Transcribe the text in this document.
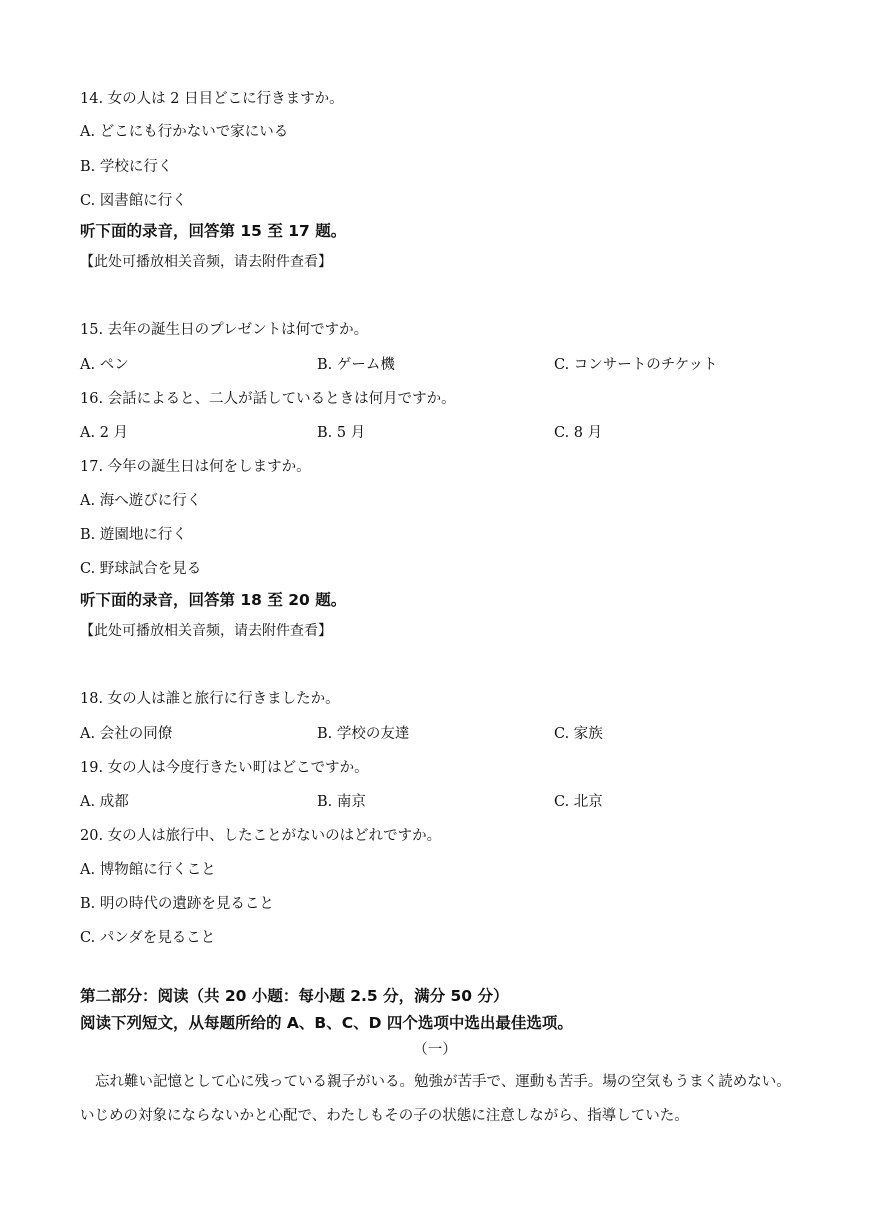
14. 女の人は 2 日目どこに行きますか。
A. どこにも行かないで家にいる
B. 学校に行く
C. 図書館に行く
听下面的录音，回答第 15 至 17 题。
【此处可播放相关音频，请去附件查看】
15. 去年の誕生日のプレゼントは何ですか。
A. ペン	B. ゲーム機	C. コンサートのチケット
16. 会話によると、二人が話しているときは何月ですか。
A. 2 月	B. 5 月	C. 8 月
17. 今年の誕生日は何をしますか。
A. 海へ遊びに行く
B. 遊園地に行く
C. 野球試合を見る
听下面的录音，回答第 18 至 20 题。
【此处可播放相关音频，请去附件查看】
18. 女の人は誰と旅行に行きましたか。
A. 会社の同僚	B. 学校の友達	C. 家族
19. 女の人は今度行きたい町はどこですか。
A. 成都	B. 南京	C. 北京
20. 女の人は旅行中、したことがないのはどれですか。
A. 博物館に行くこと
B. 明の時代の遺跡を見ること
C. パンダを見ること
第二部分：阅读（共 20 小题：每小题 2.5 分，满分 50 分）
阅读下列短文，从每题所给的 A、B、C、D 四个选项中选出最佳选项。
（一）
忘れ難い記憶として心に残っている親子がいる。勉強が苦手で、運動も苦手。場の空気もうまく読めない。いじめの対象にならないかと心配で、わたしもその子の状態に注意しながら、指導していた。
